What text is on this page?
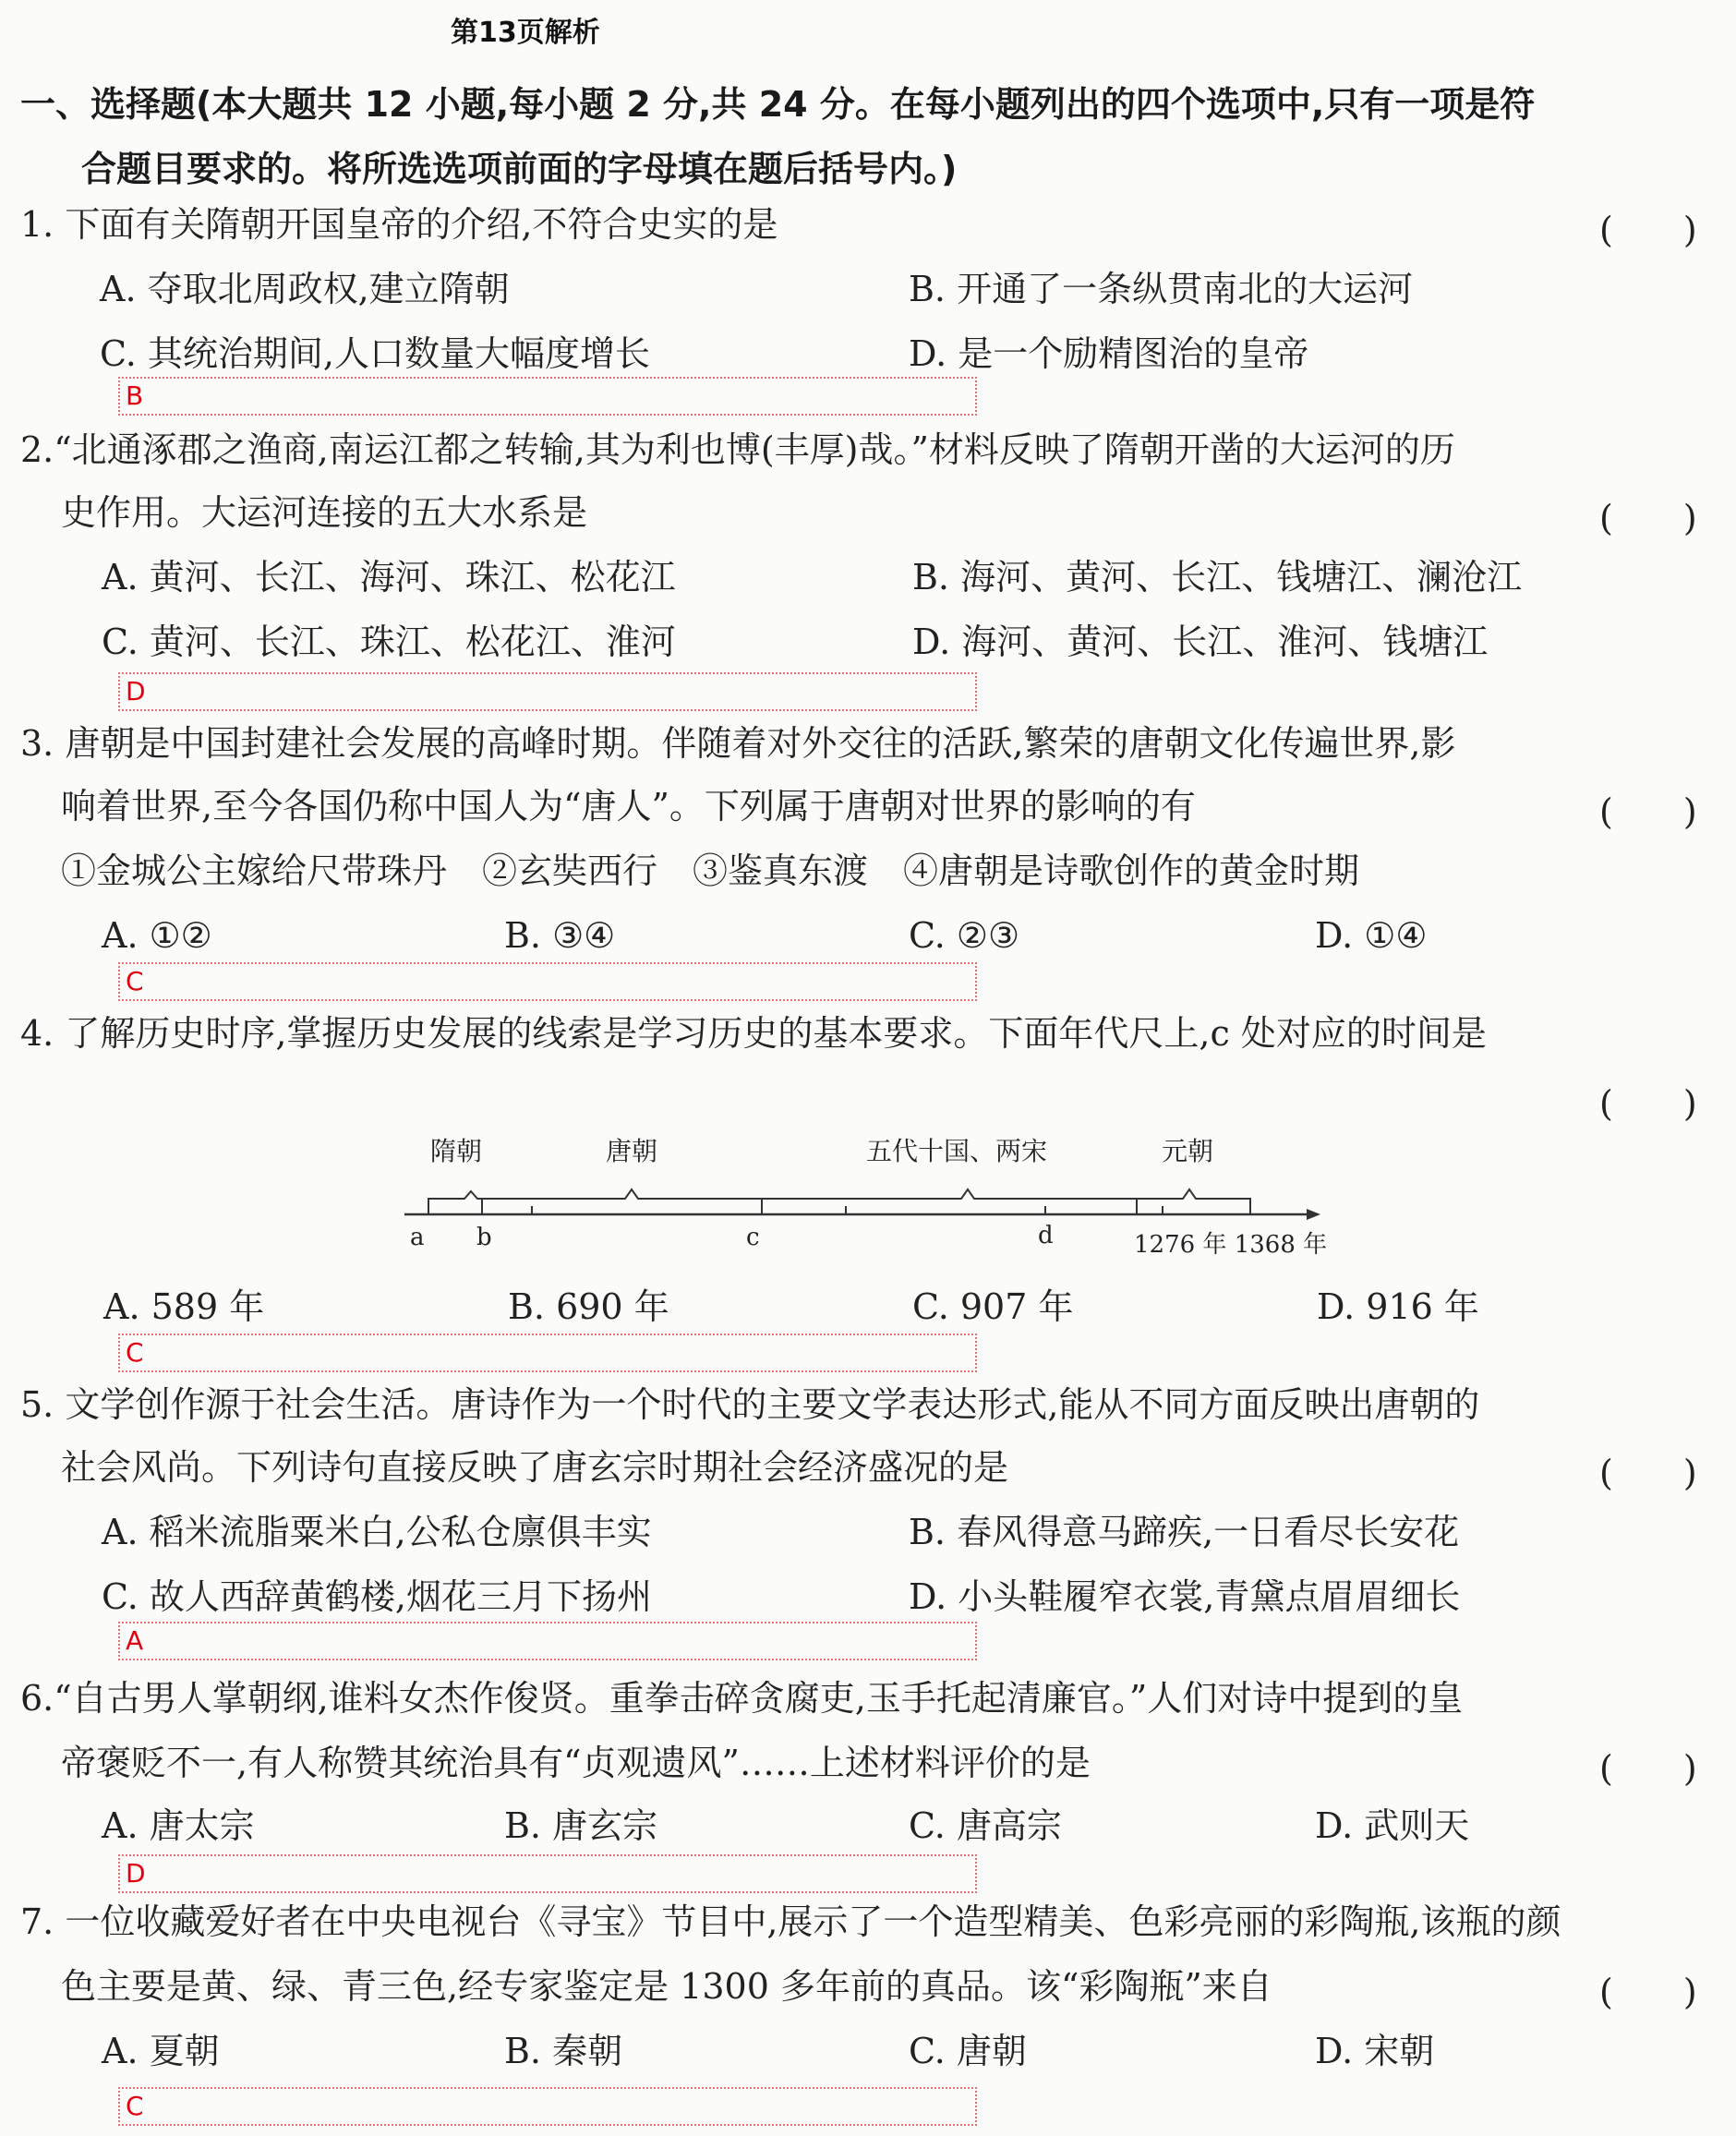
第13页解析
一、选择题(本大题共 12 小题,每小题 2 分,共 24 分。在每小题列出的四个选项中,只有一项是符
合题目要求的。将所选选项前面的字母填在题后括号内。)
1. 下面有关隋朝开国皇帝的介绍,不符合史实的是	(　　)
A. 夺取北周政权,建立隋朝	B. 开通了一条纵贯南北的大运河
C. 其统治期间,人口数量大幅度增长	D. 是一个励精图治的皇帝
B
2.“北通涿郡之渔商,南运江都之转输,其为利也博(丰厚)哉。”材料反映了隋朝开凿的大运河的历
史作用。大运河连接的五大水系是	(　　)
A. 黄河、长江、海河、珠江、松花江	B. 海河、黄河、长江、钱塘江、澜沧江
C. 黄河、长江、珠江、松花江、淮河	D. 海河、黄河、长江、淮河、钱塘江
D
3. 唐朝是中国封建社会发展的高峰时期。伴随着对外交往的活跃,繁荣的唐朝文化传遍世界,影
响着世界,至今各国仍称中国人为“唐人”。下列属于唐朝对世界的影响的有	(　　)
①金城公主嫁给尺带珠丹　②玄奘西行　③鉴真东渡　④唐朝是诗歌创作的黄金时期
A. ①②	B. ③④	C. ②③	D. ①④
C
4. 了解历史时序,掌握历史发展的线索是学习历史的基本要求。下面年代尺上,c 处对应的时间是
(　　)
隋朝	唐朝	五代十国、两宋	元朝
a b	c	d	1276 年 1368 年
A. 589 年	B. 690 年	C. 907 年	D. 916 年
C
5. 文学创作源于社会生活。唐诗作为一个时代的主要文学表达形式,能从不同方面反映出唐朝的
社会风尚。下列诗句直接反映了唐玄宗时期社会经济盛况的是	(　　)
A. 稻米流脂粟米白,公私仓廪俱丰实	B. 春风得意马蹄疾,一日看尽长安花
C. 故人西辞黄鹤楼,烟花三月下扬州	D. 小头鞋履窄衣裳,青黛点眉眉细长
A
6.“自古男人掌朝纲,谁料女杰作俊贤。重拳击碎贪腐吏,玉手托起清廉官。”人们对诗中提到的皇
帝褒贬不一,有人称赞其统治具有“贞观遗风”……上述材料评价的是	(　　)
A. 唐太宗	B. 唐玄宗	C. 唐高宗	D. 武则天
D
7. 一位收藏爱好者在中央电视台《寻宝》节目中,展示了一个造型精美、色彩亮丽的彩陶瓶,该瓶的颜
色主要是黄、绿、青三色,经专家鉴定是 1300 多年前的真品。该“彩陶瓶”来自	(　　)
A. 夏朝	B. 秦朝	C. 唐朝	D. 宋朝
C
